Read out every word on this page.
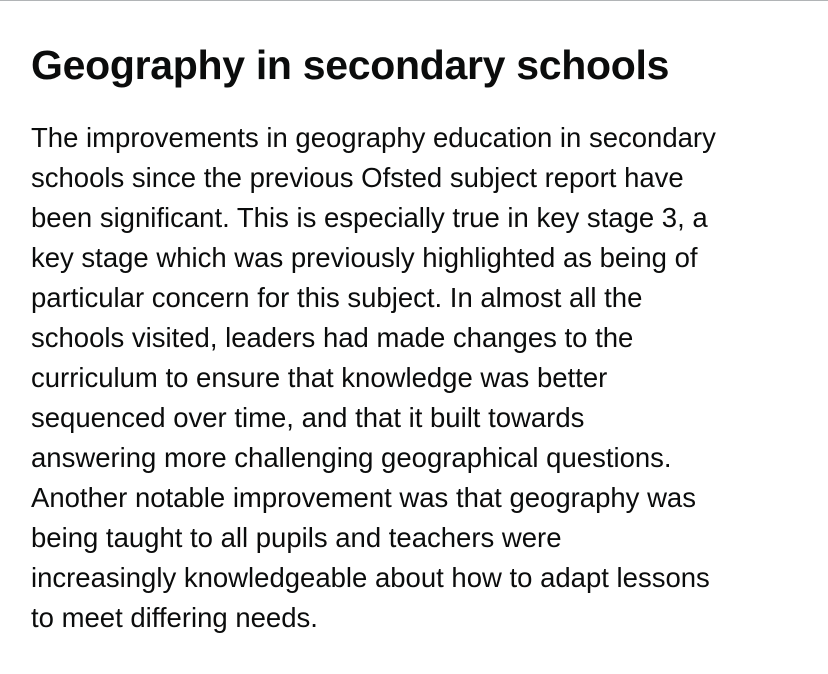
Geography in secondary schools

The improvements in geography education in secondary
schools since the previous Ofsted subject report have
been significant. This is especially true in key stage 3, a
key stage which was previously highlighted as being of
particular concern for this subject. In almost all the
schools visited, leaders had made changes to the
curriculum to ensure that knowledge was better
sequenced over time, and that it built towards
answering more challenging geographical questions.
Another notable improvement was that geography was
being taught to all pupils and teachers were
increasingly knowledgeable about how to adapt lessons
to meet differing needs.
